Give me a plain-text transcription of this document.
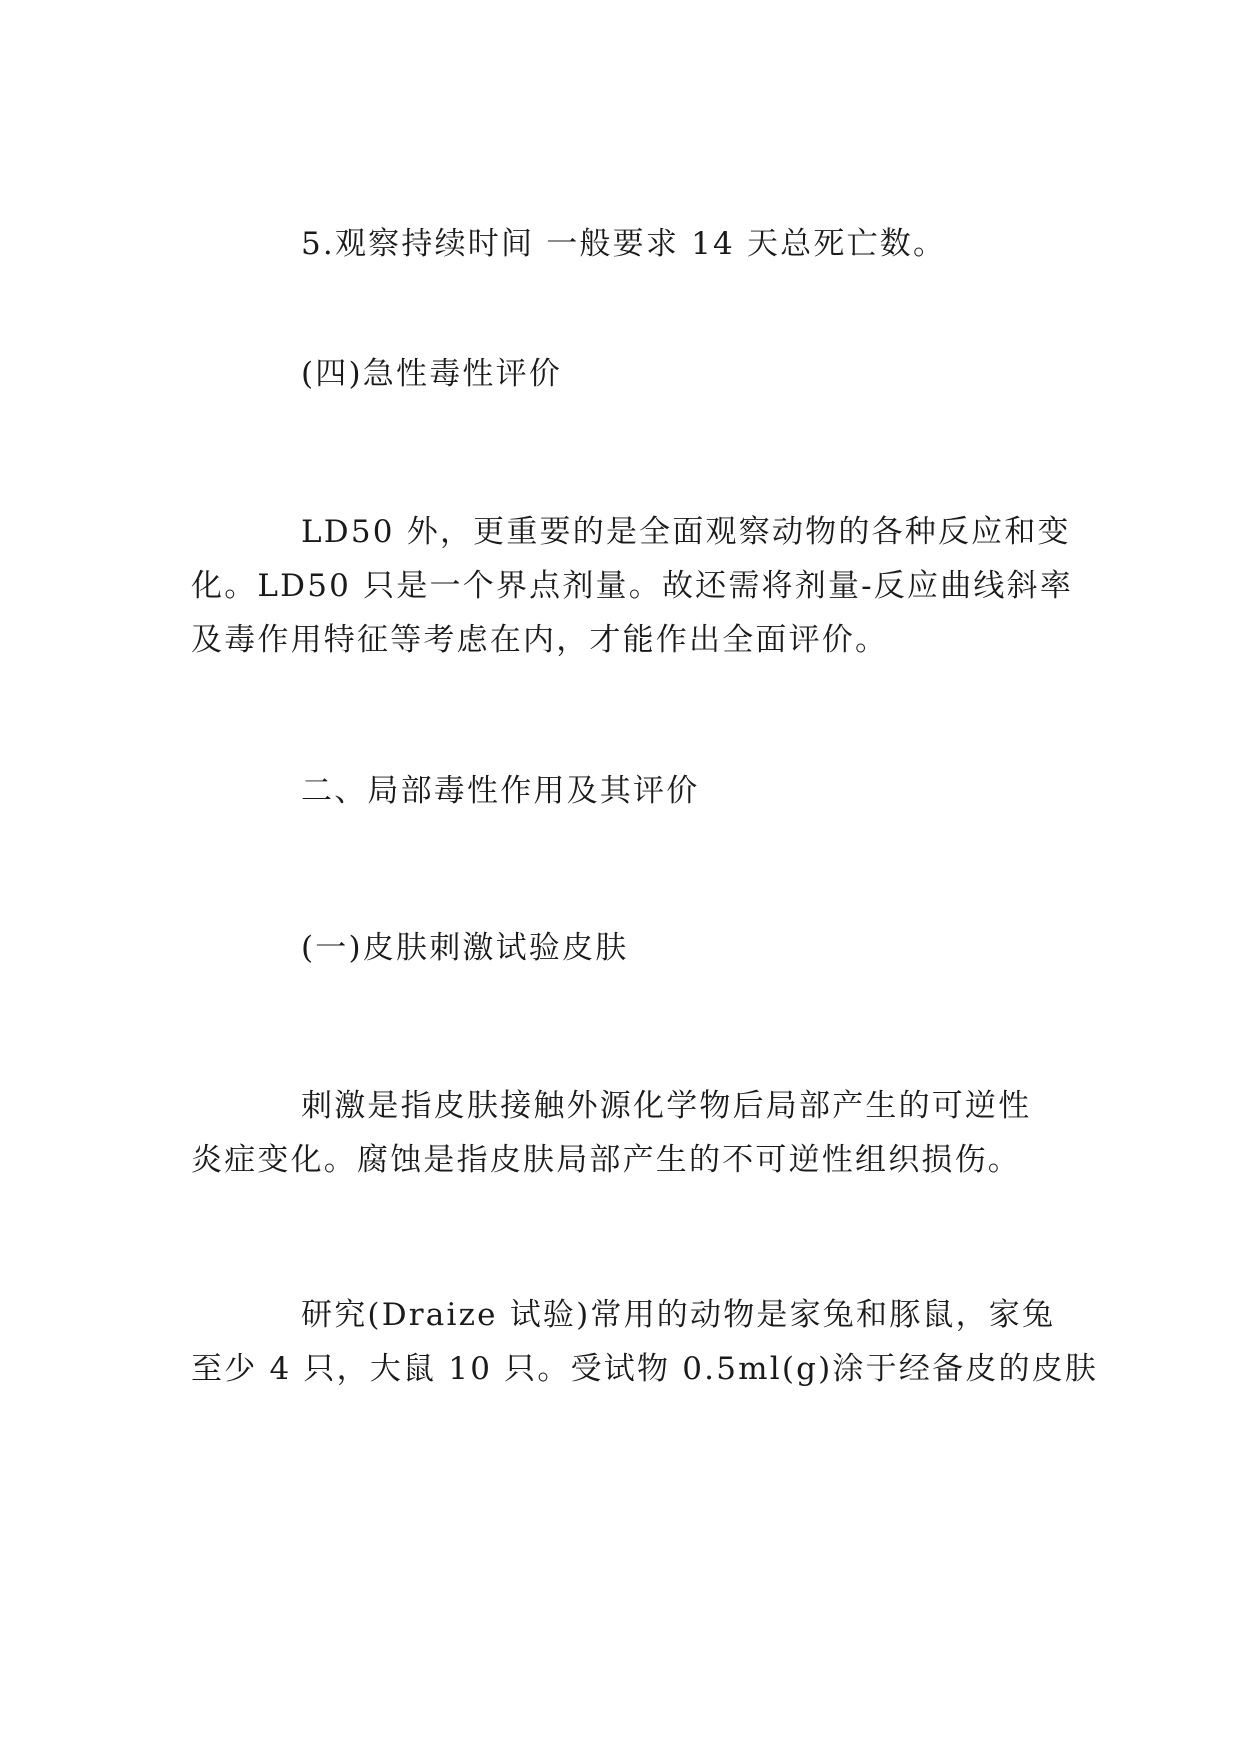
5.观察持续时间 一般要求 14 天总死亡数。
(四)急性毒性评价
LD50 外，更重要的是全面观察动物的各种反应和变
化。LD50 只是一个界点剂量。故还需将剂量-反应曲线斜率
及毒作用特征等考虑在内，才能作出全面评价。
二、局部毒性作用及其评价
(一)皮肤刺激试验皮肤
刺激是指皮肤接触外源化学物后局部产生的可逆性
炎症变化。腐蚀是指皮肤局部产生的不可逆性组织损伤。
研究(Draize 试验)常用的动物是家兔和豚鼠，家兔
至少 4 只，大鼠 10 只。受试物 0.5ml(g)涂于经备皮的皮肤
